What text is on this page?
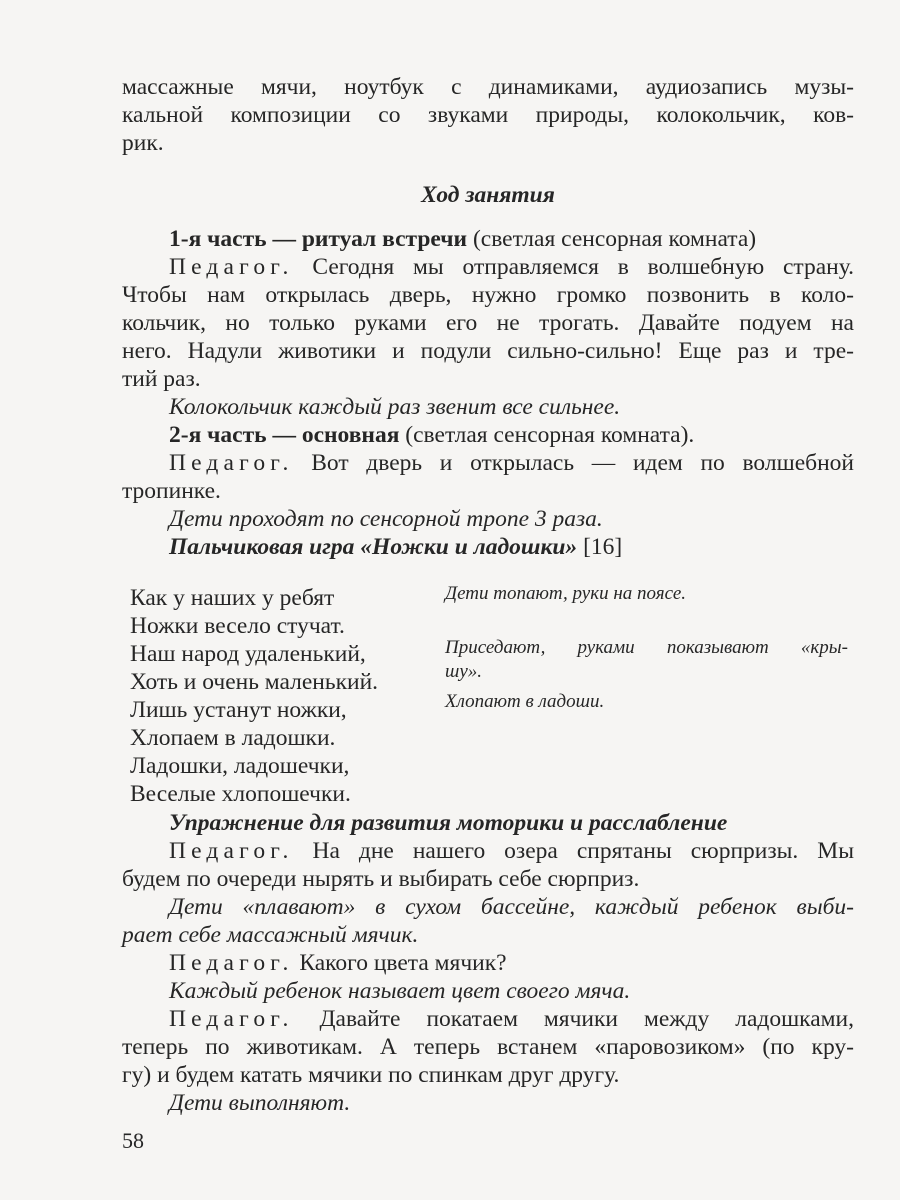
массажные мячи, ноутбук с динамиками, аудиозапись музы-
кальной композиции со звуками природы, колокольчик, ков-
рик.
Ход занятия
1-я часть — ритуал встречи (светлая сенсорная комната)
Педагог. Сегодня мы отправляемся в волшебную страну.
Чтобы нам открылась дверь, нужно громко позвонить в коло-
кольчик, но только руками его не трогать. Давайте подуем на
него. Надули животики и подули сильно-сильно! Еще раз и тре-
тий раз.
Колокольчик каждый раз звенит все сильнее.
2-я часть — основная (светлая сенсорная комната).
Педагог. Вот дверь и открылась — идем по волшебной
тропинке.
Дети проходят по сенсорной тропе 3 раза.
Пальчиковая игра «Ножки и ладошки» [16]
Как у наших у ребят
Ножки весело стучат.
Наш народ удаленький,
Хоть и очень маленький.
Лишь устанут ножки,
Хлопаем в ладошки.
Ладошки, ладошечки,
Веселые хлопошечки.
Дети топают, руки на поясе.
Приседают, руками показывают «кры-
шу».
Хлопают в ладоши.
Упражнение для развития моторики и расслабление
Педагог. На дне нашего озера спрятаны сюрпризы. Мы
будем по очереди нырять и выбирать себе сюрприз.
Дети «плавают» в сухом бассейне, каждый ребенок выби-
рает себе массажный мячик.
Педагог. Какого цвета мячик?
Каждый ребенок называет цвет своего мяча.
Педагог. Давайте покатаем мячики между ладошками,
теперь по животикам. А теперь встанем «паровозиком» (по кру-
гу) и будем катать мячики по спинкам друг другу.
Дети выполняют.
58
